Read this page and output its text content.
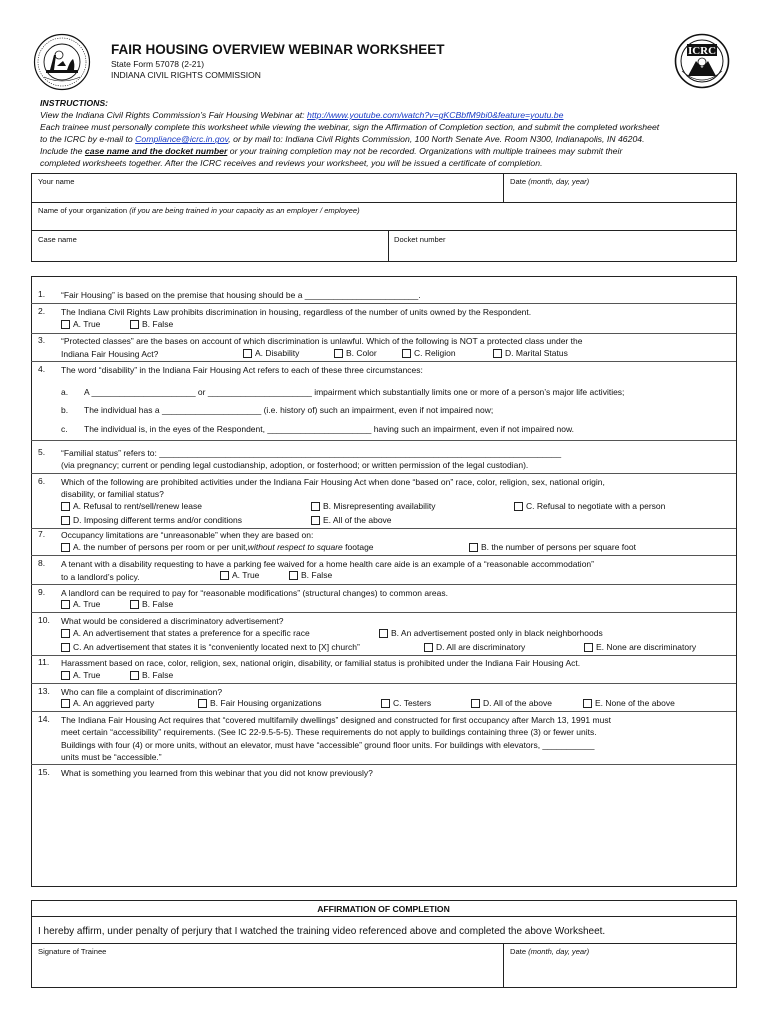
FAIR HOUSING OVERVIEW WEBINAR WORKSHEET
State Form 57078 (2-21)
INDIANA CIVIL RIGHTS COMMISSION
ICRC
INSTRUCTIONS:
View the Indiana Civil Rights Commission’s Fair Housing Webinar at: http://www.youtube.com/watch?v=gKCBbfM9bi0&feature=youtu.be
Each trainee must personally complete this worksheet while viewing the webinar, sign the Affirmation of Completion section, and submit the completed worksheet
to the ICRC by e-mail to Compliance@icrc.in.gov, or by mail to: Indiana Civil Rights Commission, 100 North Senate Ave. Room N300, Indianapolis, IN 46204.
Include the case name and the docket number or your training completion may not be recorded. Organizations with multiple trainees may submit their
completed worksheets together. After the ICRC receives and reviews your worksheet, you will be issued a certificate of completion.
Your name	Date (month, day, year)
Name of your organization (if you are being trained in your capacity as an employer / employee)
Case name	Docket number
1. “Fair Housing” is based on the premise that housing should be a ________________________.
2. The Indiana Civil Rights Law prohibits discrimination in housing, regardless of the number of units owned by the Respondent.
A. True	B. False
3. “Protected classes” are the bases on account of which discrimination is unlawful. Which of the following is NOT a protected class under the
Indiana Fair Housing Act?	A. Disability	B. Color	C. Religion	D. Marital Status
4. The word “disability” in the Indiana Fair Housing Act refers to each of these three circumstances:
a. A ______________________ or ______________________ impairment which substantially limits one or more of a person’s major life activities;
b. The individual has a _____________________ (i.e. history of) such an impairment, even if not impaired now;
c. The individual is, in the eyes of the Respondent, ______________________ having such an impairment, even if not impaired now.
5. “Familial status” refers to: _____________________________________________________________________________________
(via pregnancy; current or pending legal custodianship, adoption, or fosterhood; or written permission of the legal custodian).
6. Which of the following are prohibited activities under the Indiana Fair Housing Act when done “based on” race, color, religion, sex, national origin,
disability, or familial status?
A. Refusal to rent/sell/renew lease	B. Misrepresenting availability	C. Refusal to negotiate with a person
D. Imposing different terms and/or conditions	E. All of the above
7. Occupancy limitations are “unreasonable” when they are based on:
A. the number of persons per room or per unit, without respect to square footage	B. the number of persons per square foot
8. A tenant with a disability requesting to have a parking fee waived for a home health care aide is an example of a “reasonable accommodation”
to a landlord’s policy.	A. True	B. False
9. A landlord can be required to pay for “reasonable modifications” (structural changes) to common areas.
A. True	B. False
10. What would be considered a discriminatory advertisement?
A. An advertisement that states a preference for a specific race	B. An advertisement posted only in black neighborhoods
C. An advertisement that states it is “conveniently located next to [X] church”	D. All are discriminatory	E. None are discriminatory
11. Harassment based on race, color, religion, sex, national origin, disability, or familial status is prohibited under the Indiana Fair Housing Act.
A. True	B. False
13. Who can file a complaint of discrimination?
A. An aggrieved party	B. Fair Housing organizations	C. Testers	D. All of the above	E. None of the above
14. The Indiana Fair Housing Act requires that “covered multifamily dwellings” designed and constructed for first occupancy after March 13, 1991 must
meet certain “accessibility” requirements. (See IC 22-9.5-5-5). These requirements do not apply to buildings containing three (3) or fewer units.
Buildings with four (4) or more units, without an elevator, must have “accessible” ground floor units. For buildings with elevators, ___________
units must be “accessible.”
15. What is something you learned from this webinar that you did not know previously?
AFFIRMATION OF COMPLETION
I hereby affirm, under penalty of perjury that I watched the training video referenced above and completed the above Worksheet.
Signature of Trainee	Date (month, day, year)
